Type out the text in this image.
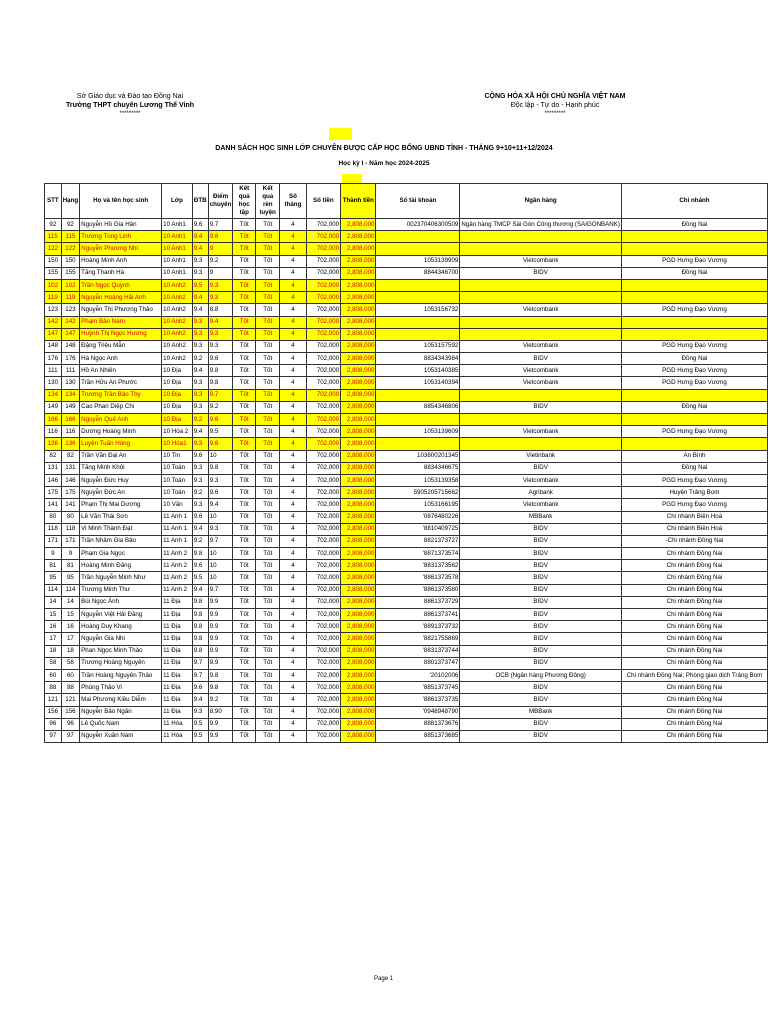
Sở Giáo dục và Đào tạo Đồng Nai
Trường THPT chuyên Lương Thế Vinh
*********
CỘNG HÒA XÃ HỘI CHỦ NGHĨA VIỆT NAM
Độc lập - Tự do - Hạnh phúc
*********
DANH SÁCH HỌC SINH LỚP CHUYÊN ĐƯỢC CẤP HỌC BỔNG UBND TỈNH - THÁNG 9+10+11+12/2024
Học kỳ I - Năm học 2024-2025
STT	Hạng	Họ và tên học sinh	Lớp	ĐTB	Điểm chuyên	Kết quả học tập	Kết quả rèn luyện	Số tháng	Số tiền	Thành tiền	Số tài khoản	Ngân hàng	Chi nhánh
92	92	Nguyễn Hồ Gia Hân	10 Anh1	9.6	9.7	Tốt	Tốt	4	702,000	2,808,000	002370406300509	Ngân hàng TMCP Sài Gòn Công thương (SAIGONBANK)	Đồng Nai
115	115	Trương Tùng Linh	10 Anh1	9.4	9.6	Tốt	Tốt	4	702,000	2,808,000			
122	122	Nguyễn Phương Nhi	10 Anh1	9.4	9	Tốt	Tốt	4	702,000	2,808,000			
150	150	Hoàng Minh Anh	10 Anh1	9.3	9.2	Tốt	Tốt	4	702,000	2,808,000	1053139909	Vietcombank	PGD Hưng Đạo Vương
155	155	Tăng Thanh Hà	10 Anh1	9.3	9	Tốt	Tốt	4	702,000	2,808,000	8844346700	BIDV	Đồng Nai
102	102	Trần Ngọc Quỳnh	10 Anh2	9.5	9.3	Tốt	Tốt	4	702,000	2,808,000			
119	119	Nguyễn Hoàng Hải Anh	10 Anh2	9.4	9.3	Tốt	Tốt	4	702,000	2,808,000			
123	123	Nguyễn Thị Phương Thảo	10 Anh2	9.4	8.8	Tốt	Tốt	4	702,000	2,808,000	1053156732	Vietcombank	PGD Hưng Đạo Vương
142	142	Phạm Bảo Nam	10 Anh2	9.3	9.4	Tốt	Tốt	4	702,000	2,808,000			
147	147	Huỳnh Thị Ngọc Hương	10 Anh2	9.3	9.3	Tốt	Tốt	4	702,000	2,808,000			
148	148	Đặng Triệu Mẫn	10 Anh2	9.3	9.3	Tốt	Tốt	4	702,000	2,808,000	1053157592	Vietcombank	PGD Hưng Đạo Vương
176	176	Hà Ngọc Anh	10 Anh2	9.2	9.6	Tốt	Tốt	4	702,000	2,808,000	8834343984	BIDV	Đồng Nai
111	111	Hồ An Nhiên	10 Địa	9.4	9.8	Tốt	Tốt	4	702,000	2,808,000	1053140385	Vietcombank	PGD Hưng Đạo Vương
130	130	Trần Hữu An Phước	10 Địa	9.3	9.8	Tốt	Tốt	4	702,000	2,808,000	1053140394	Vietcombank	PGD Hưng Đạo Vương
134	134	Trương Trần Bảo Thy	10 Địa	9.3	9.7	Tốt	Tốt	4	702,000	2,808,000			
149	149	Cao Phan Diệp Chi	10 Địa	9.3	9.2	Tốt	Tốt	4	702,000	2,808,000	8854346806	BIDV	Đồng Nai
166	166	Nguyễn Quế Anh	10 Địa	9.2	9.6	Tốt	Tốt	4	702,000	2,808,000			
116	116	Dương Hoàng Minh	10 Hóa 2	9.4	9.5	Tốt	Tốt	4	702,000	2,808,000	1053139609	Vietcombank	PGD Hưng Đạo Vương
136	136	Luyện Tuấn Hùng	10 Hóa1	9.3	9.6	Tốt	Tốt	4	702,000	2,808,000			
82	82	Trần Văn Đại An	10 Tin	9.6	10	Tốt	Tốt	4	702,000	2,808,000	103600201345	Vietinbank	An Bình
131	131	Tăng Minh Khôi	10 Toán	9.3	9.8	Tốt	Tốt	4	702,000	2,808,000	8834346675	BIDV	Đồng Nai
146	146	Nguyễn Đức Huy	10 Toán	9.3	9.3	Tốt	Tốt	4	702,000	2,808,000	1053139358	Vietcombank	PGD Hưng Đạo Vương
175	175	Nguyễn Đức An	10 Toán	9.2	9.6	Tốt	Tốt	4	702,000	2,808,000	5905205715662	Agribank	Huyện Trảng Bom
141	141	Phạm Thị Mai Dương	10 Văn	9.3	9.4	Tốt	Tốt	4	702,000	2,808,000	1053166195	Vietcombank	PGD Hưng Đạo Vương
80	80	Lê Văn Thái Sơn	11 Anh 1	9.6	10	Tốt	Tốt	4	702,000	2,808,000	'0876480226	MBBank	Chi nhánh Biên Hoà
118	118	Vi Minh Thành Đạt	11 Anh 1	9.4	9.3	Tốt	Tốt	4	702,000	2,808,000	'8810409725	BIDV	Chi nhánh Biên Hoà
171	171	Trần Nhâm Gia Bảo	11 Anh 1	9.2	9.7	Tốt	Tốt	4	702,000	2,808,000	8821373727	BIDV	-Chi nhánh Đồng Nai
9	9	Phạm Gia Ngọc	11 Anh 2	9.8	10	Tốt	Tốt	4	702,000	2,808,000	'8871373574	BIDV	Chi nhánh Đồng Nai
81	81	Hoàng Minh Đăng	11 Anh 2	9.6	10	Tốt	Tốt	4	702,000	2,808,000	'8831373562	BIDV	Chi nhánh Đồng Nai
95	95	Trần Nguyễn Minh Như	11 Anh 2	9.5	10	Tốt	Tốt	4	702,000	2,808,000	'8861373578	BIDV	Chi nhánh Đồng Nai
114	114	Trương Minh Thư	11 Anh 2	9.4	9.7	Tốt	Tốt	4	702,000	2,808,000	'8861373580	BIDV	Chi nhánh Đồng Nai
14	14	Bùi Ngọc Ánh	11 Địa	9.8	9.9	Tốt	Tốt	4	702,000	2,808,000	8861373729	BIDV	Chi nhánh Đồng Nai
15	15	Nguyễn Việt Hải Đăng	11 Địa	9.8	9.9	Tốt	Tốt	4	702,000	2,808,000	8861373741	BIDV	Chi nhánh Đồng Nai
16	16	Hoàng Duy Khang	11 Địa	9.8	9.9	Tốt	Tốt	4	702,000	2,808,000	'8891373732	BIDV	Chi nhánh Đồng Nai
17	17	Nguyễn Gia Nhi	11 Địa	9.8	9.9	Tốt	Tốt	4	702,000	2,808,000	'8821755869	BIDV	Chi nhánh Đồng Nai
18	18	Phan Ngọc Minh Thảo	11 Địa	9.8	9.9	Tốt	Tốt	4	702,000	2,808,000	'8831373744	BIDV	Chi nhánh Đồng Nai
58	58	Trương Hoàng Nguyên	11 Địa	9.7	9.9	Tốt	Tốt	4	702,000	2,808,000	8801373747	BIDV	Chi nhánh Đồng Nai
60	60	Trần Hoàng Nguyên Thảo	11 Địa	9.7	9.8	Tốt	Tốt	4	702,000	2,808,000	'20102006	OCB (Ngân hàng Phương Đông)	Chi nhánh Đồng Nai; Phòng giao dịch Trảng Bom
88	88	Phùng Thảo Vi	11 Địa	9.6	9.8	Tốt	Tốt	4	702,000	2,808,000	'8851373745	BIDV	Chi nhánh Đồng Nai
121	121	Mai Phương Kiều Diễm	11 Địa	9.4	9.2	Tốt	Tốt	4	702,000	2,808,000	'8861373735	BIDV	Chi nhánh Đồng Nai
156	156	Nguyễn Bảo Ngân	11 Địa	9.3	8.90	Tốt	Tốt	4	702,000	2,808,000	'0948948790	MBBank	Chi nhánh Đồng Nai
96	96	Lê Quốc Nam	11 Hóa	9.5	9.9	Tốt	Tốt	4	702,000	2,808,000	8881373676	BIDV	Chi nhánh Đồng Nai
97	97	Nguyễn Xuân Nam	11 Hóa	9.5	9.9	Tốt	Tốt	4	702,000	2,808,000	8851373685	BIDV	Chi nhánh Đồng Nai
Page 1
